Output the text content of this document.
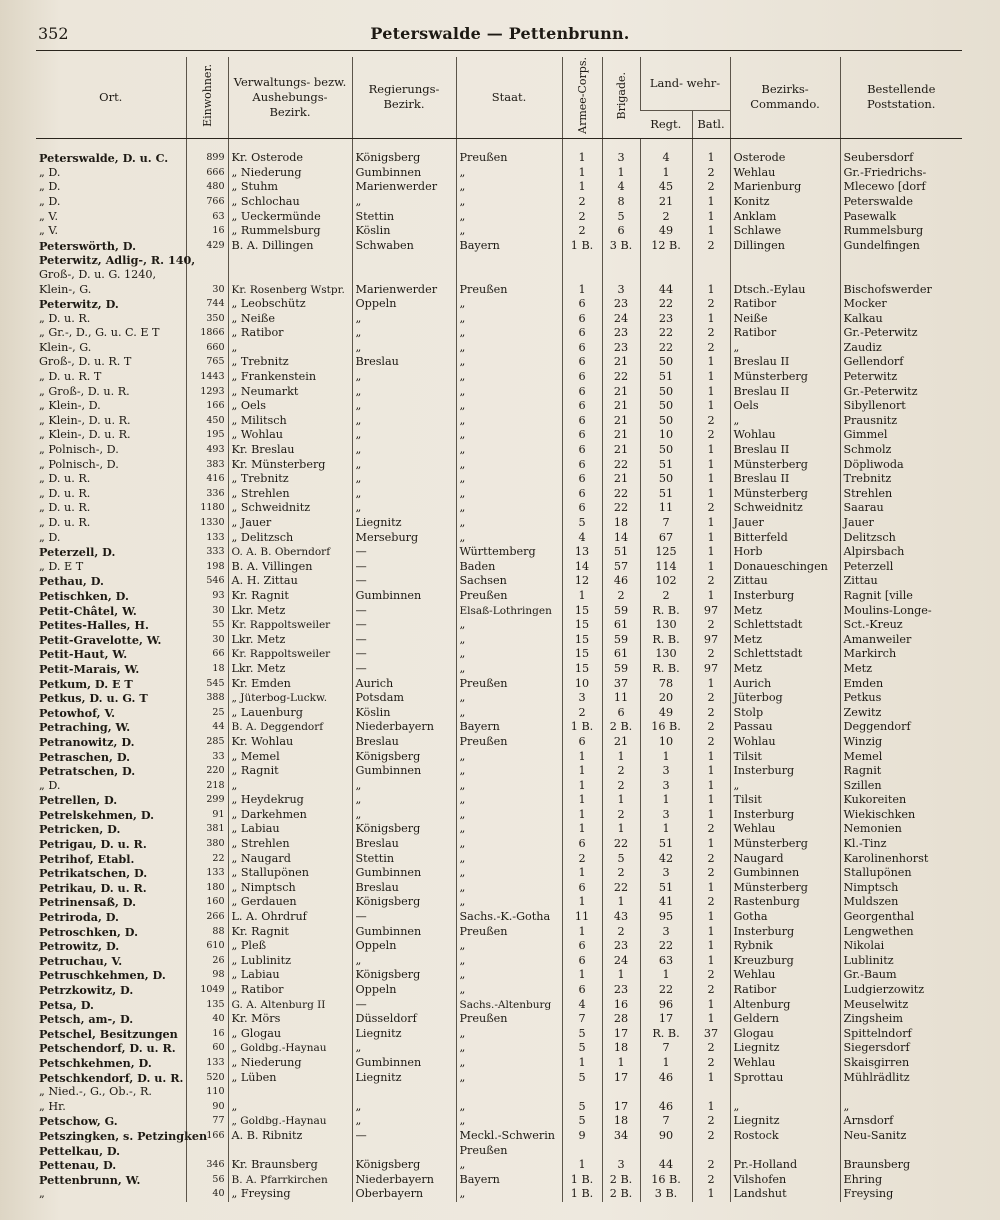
352	Peterswalde — Pettenbrunn.
Ort.	Einwohner.	Verwaltungs- bezw. Aushebungs- Bezirk.	Regierungs- Bezirk.	Staat.	Armee-Corps.	Brigade.	Land- wehr-		Bezirks- Commando.	Bestellende Poststation.
							Regt.	Batl.		
Peterswalde, D. u. C.	899	Kr. Osterode	Königsberg	Preußen	1	3	4	1	Osterode	Seubersdorf
„ D.	666	„ Niederung	Gumbinnen	„	1	1	1	2	Wehlau	Gr.-Friedrichs-
„ D.	480	„ Stuhm	Marienwerder	„	1	4	45	2	Marienburg	Mlecewo [dorf
„ D.	766	„ Schlochau	„	„	2	8	21	1	Konitz	Peterswalde
„ V.	63	„ Ueckermünde	Stettin	„	2	5	2	1	Anklam	Pasewalk
„ V.	16	„ Rummelsburg	Köslin	„	2	6	49	1	Schlawe	Rummelsburg
Peterswörth, D.	429	B. A. Dillingen	Schwaben	Bayern	1 B.	3 B.	12 B.	2	Dillingen	Gundelfingen
Peterwitz, Adlig-, R. 140,										
Groß-, D. u. G. 1240,										
Klein-, G.	30	Kr. Rosenberg Wstpr.	Marienwerder	Preußen	1	3	44	1	Dtsch.-Eylau	Bischofswerder
Peterwitz, D.	744	„ Leobschütz	Oppeln	„	6	23	22	2	Ratibor	Mocker
„ D. u. R.	350	„ Neiße	„	„	6	24	23	1	Neiße	Kalkau
„ Gr.-, D., G. u. C. E T	1866	„ Ratibor	„	„	6	23	22	2	Ratibor	Gr.-Peterwitz
Klein-, G.	660	„	„	„	6	23	22	2	„	Zaudiz
Groß-, D. u. R. T	765	„ Trebnitz	Breslau	„	6	21	50	1	Breslau II	Gellendorf
„ D. u. R. T	1443	„ Frankenstein	„	„	6	22	51	1	Münsterberg	Peterwitz
„ Groß-, D. u. R.	1293	„ Neumarkt	„	„	6	21	50	1	Breslau II	Gr.-Peterwitz
„ Klein-, D.	166	„ Oels	„	„	6	21	50	1	Oels	Sibyllenort
„ Klein-, D. u. R.	450	„ Militsch	„	„	6	21	50	2	„	Prausnitz
„ Klein-, D. u. R.	195	„ Wohlau	„	„	6	21	10	2	Wohlau	Gimmel
„ Polnisch-, D.	493	Kr. Breslau	„	„	6	21	50	1	Breslau II	Schmolz
„ Polnisch-, D.	383	Kr. Münsterberg	„	„	6	22	51	1	Münsterberg	Döpliwoda
„ D. u. R.	416	„ Trebnitz	„	„	6	21	50	1	Breslau II	Trebnitz
„ D. u. R.	336	„ Strehlen	„	„	6	22	51	1	Münsterberg	Strehlen
„ D. u. R.	1180	„ Schweidnitz	„	„	6	22	11	2	Schweidnitz	Saarau
„ D. u. R.	1330	„ Jauer	Liegnitz	„	5	18	7	1	Jauer	Jauer
„ D.	133	„ Delitzsch	Merseburg	„	4	14	67	1	Bitterfeld	Delitzsch
Peterzell, D.	333	O. A. B. Oberndorf	—	Württemberg	13	51	125	1	Horb	Alpirsbach
„ D. E T	198	B. A. Villingen	—	Baden	14	57	114	1	Donaueschingen	Peterzell
Pethau, D.	546	A. H. Zittau	—	Sachsen	12	46	102	2	Zittau	Zittau
Petischken, D.	93	Kr. Ragnit	Gumbinnen	Preußen	1	2	2	1	Insterburg	Ragnit [ville
Petit-Châtel, W.	30	Lkr. Metz	—	Elsaß-Lothringen	15	59	R. B.	97	Metz	Moulins-Longe-
Petites-Halles, H.	55	Kr. Rappoltsweiler	—	„	15	61	130	2	Schlettstadt	Sct.-Kreuz
Petit-Gravelotte, W.	30	Lkr. Metz	—	„	15	59	R. B.	97	Metz	Amanweiler
Petit-Haut, W.	66	Kr. Rappoltsweiler	—	„	15	61	130	2	Schlettstadt	Markirch
Petit-Marais, W.	18	Lkr. Metz	—	„	15	59	R. B.	97	Metz	Metz
Petkum, D. E T	545	Kr. Emden	Aurich	Preußen	10	37	78	1	Aurich	Emden
Petkus, D. u. G. T	388	„ Jüterbog-Luckw.	Potsdam	„	3	11	20	2	Jüterbog	Petkus
Petowhof, V.	25	„ Lauenburg	Köslin	„	2	6	49	2	Stolp	Zewitz
Petraching, W.	44	B. A. Deggendorf	Niederbayern	Bayern	1 B.	2 B.	16 B.	2	Passau	Deggendorf
Petranowitz, D.	285	Kr. Wohlau	Breslau	Preußen	6	21	10	2	Wohlau	Winzig
Petraschen, D.	33	„ Memel	Königsberg	„	1	1	1	1	Tilsit	Memel
Petratschen, D.	220	„ Ragnit	Gumbinnen	„	1	2	3	1	Insterburg	Ragnit
„ D.	218	„	„	„	1	2	3	1	„	Szillen
Petrellen, D.	299	„ Heydekrug	„	„	1	1	1	1	Tilsit	Kukoreiten
Petrelskehmen, D.	91	„ Darkehmen	„	„	1	2	3	1	Insterburg	Wiekischken
Petricken, D.	381	„ Labiau	Königsberg	„	1	1	1	2	Wehlau	Nemonien
Petrigau, D. u. R.	380	„ Strehlen	Breslau	„	6	22	51	1	Münsterberg	Kl.-Tinz
Petrihof, Etabl.	22	„ Naugard	Stettin	„	2	5	42	2	Naugard	Karolinenhorst
Petrikatschen, D.	133	„ Stallupönen	Gumbinnen	„	1	2	3	2	Gumbinnen	Stallupönen
Petrikau, D. u. R.	180	„ Nimptsch	Breslau	„	6	22	51	1	Münsterberg	Nimptsch
Petrinensaß, D.	160	„ Gerdauen	Königsberg	„	1	1	41	2	Rastenburg	Muldszen
Petriroda, D.	266	L. A. Ohrdruf	—	Sachs.-K.-Gotha	11	43	95	1	Gotha	Georgenthal
Petroschken, D.	88	Kr. Ragnit	Gumbinnen	Preußen	1	2	3	1	Insterburg	Lengwethen
Petrowitz, D.	610	„ Pleß	Oppeln	„	6	23	22	1	Rybnik	Nikolai
Petruchau, V.	26	„ Lublinitz	„	„	6	24	63	1	Kreuzburg	Lublinitz
Petruschkehmen, D.	98	„ Labiau	Königsberg	„	1	1	1	2	Wehlau	Gr.-Baum
Petrzkowitz, D.	1049	„ Ratibor	Oppeln	„	6	23	22	2	Ratibor	Ludgierzowitz
Petsa, D.	135	G. A. Altenburg II	—	Sachs.-Altenburg	4	16	96	1	Altenburg	Meuselwitz
Petsch, am-, D.	40	Kr. Mörs	Düsseldorf	Preußen	7	28	17	1	Geldern	Zingsheim
Petschel, Besitzungen	16	„ Glogau	Liegnitz	„	5	17	R. B.	37	Glogau	Spittelndorf
Petschendorf, D. u. R.	60	„ Goldbg.-Haynau	„	„	5	18	7	2	Liegnitz	Siegersdorf
Petschkehmen, D.	133	„ Niederung	Gumbinnen	„	1	1	1	2	Wehlau	Skaisgirren
Petschkendorf, D. u. R.	520	„ Lüben	Liegnitz	„	5	17	46	1	Sprottau	Mühlrädlitz
„ Nied.-, G., Ob.-, R.	110									
„ Hr.	90	„	„	„	5	17	46	1	„	„
Petschow, G.	77	„ Goldbg.-Haynau	„	„	5	18	7	2	Liegnitz	Arnsdorf
Petszingken, s. Petzingken	166	A. B. Ribnitz	—	Meckl.-Schwerin	9	34	90	2	Rostock	Neu-Sanitz
Pettelkau, D.				Preußen						
Pettenau, D.	346	Kr. Braunsberg	Königsberg	„	1	3	44	2	Pr.-Holland	Braunsberg
Pettenbrunn, W.	56	B. A. Pfarrkirchen	Niederbayern	Bayern	1 B.	2 B.	16 B.	2	Vilshofen	Ehring
„	40	„ Freysing	Oberbayern	„	1 B.	2 B.	3 B.	1	Landshut	Freysing
